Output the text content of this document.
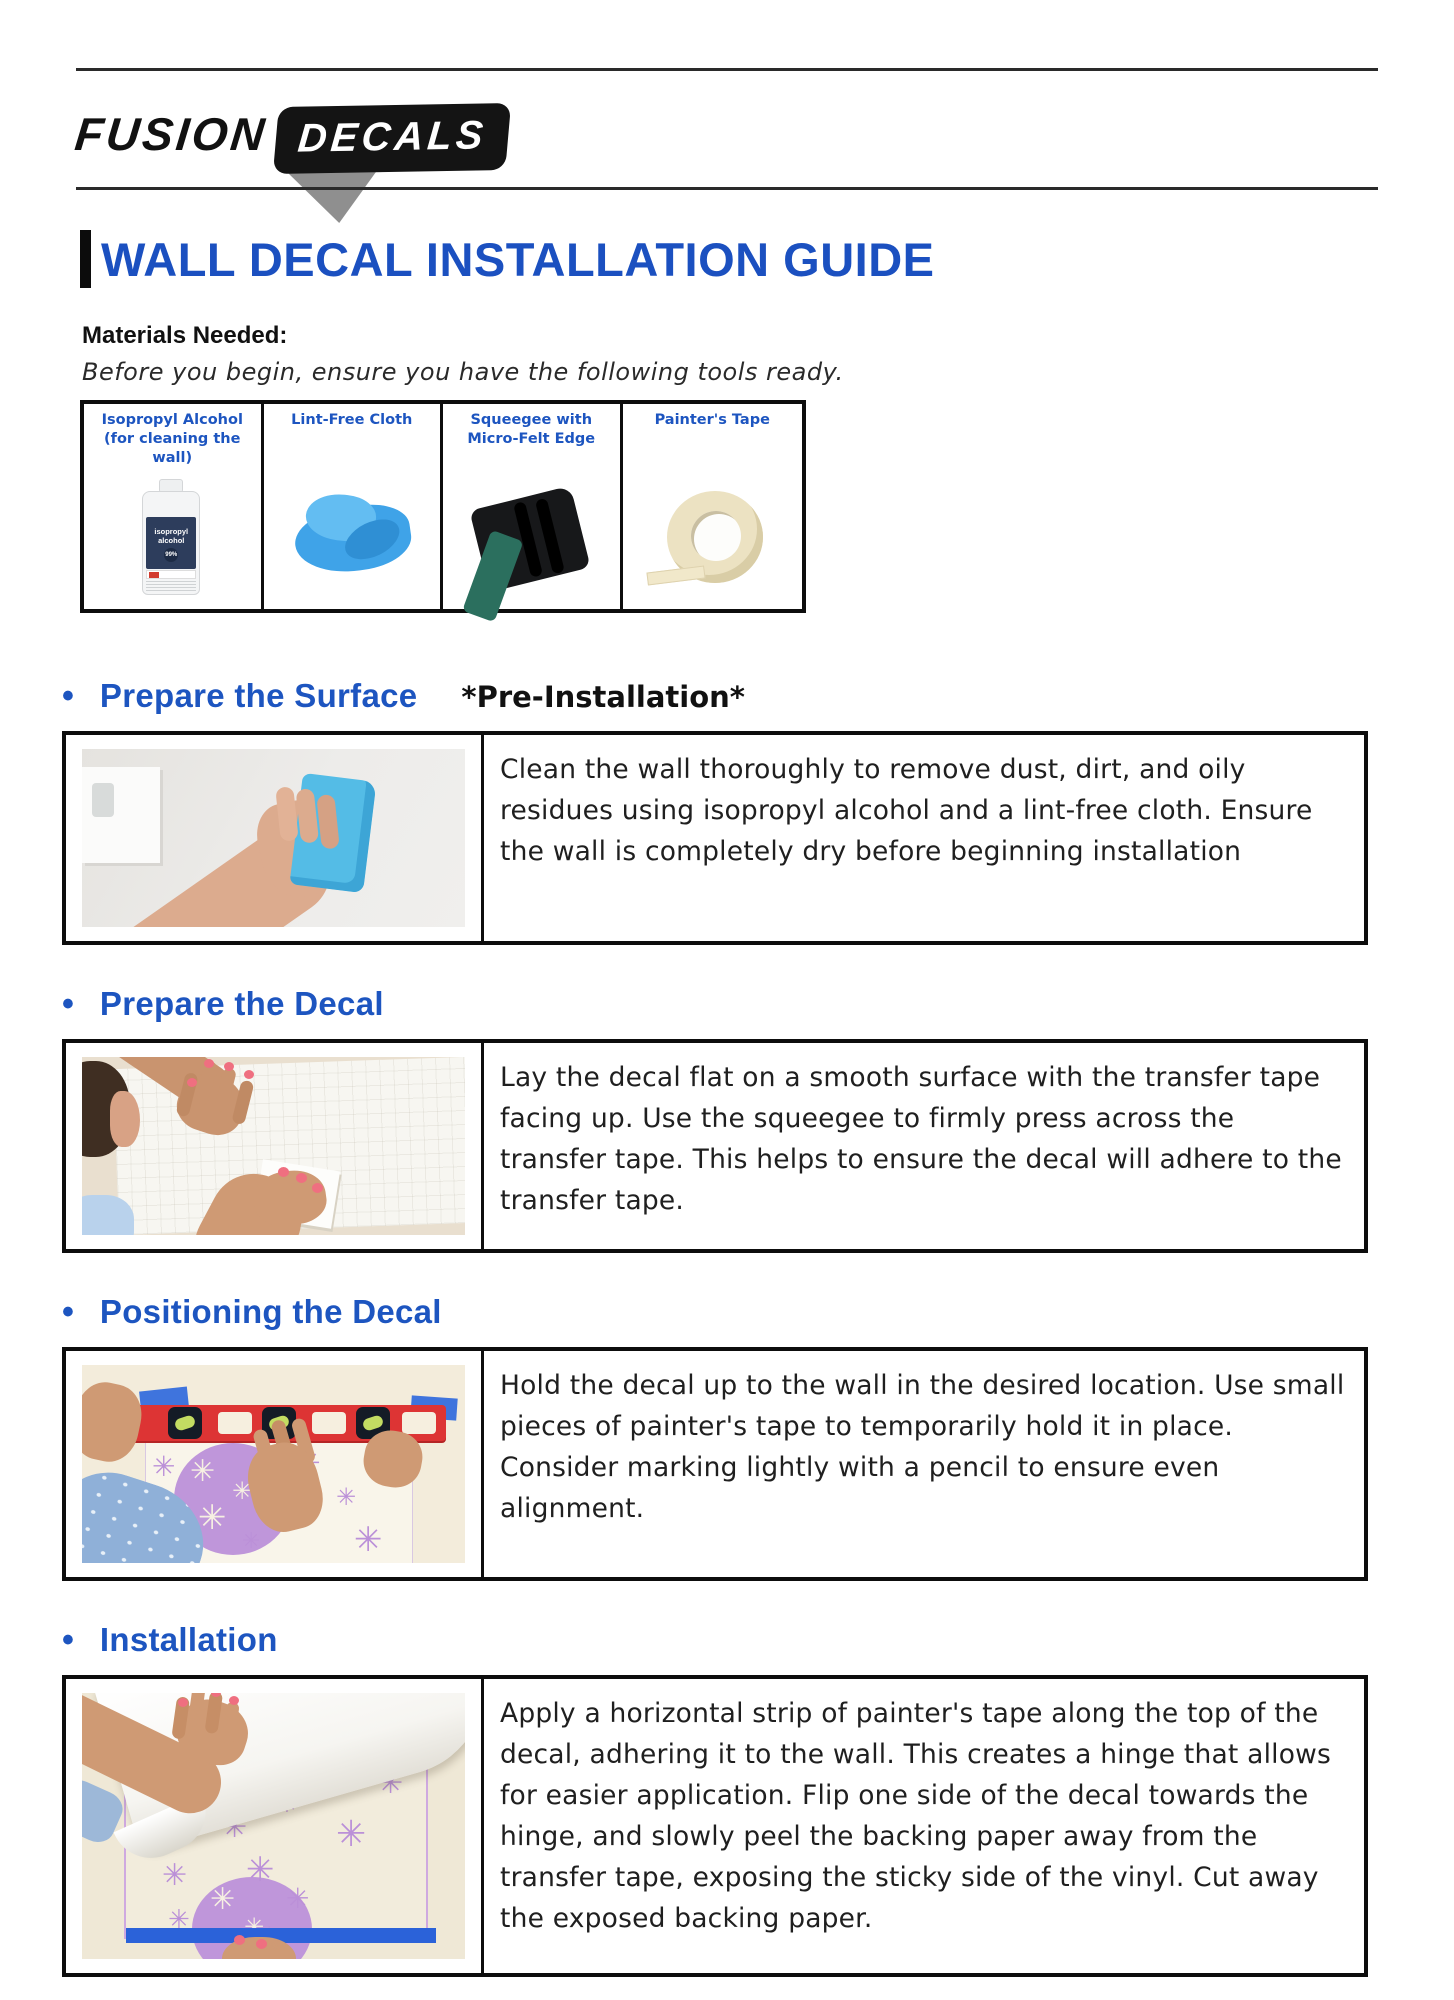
FUSION DECALS
WALL DECAL INSTALLATION GUIDE
Materials Needed:
Before you begin, ensure you have the following tools ready.
Isopropyl Alcohol (for cleaning the wall)
isopropyl alcohol
99%
Lint-Free Cloth	Squeegee with Micro-Felt Edge
Painter's Tape
• Prepare the Surface *Pre-Installation*

Clean the wall thoroughly to remove dust, dirt, and oily residues using isopropyl alcohol and a lint-free cloth. Ensure the wall is completely dry before beginning installation

• Prepare the Decal

Lay the decal flat on a smooth surface with the transfer tape facing up. Use the squeegee to firmly press across the transfer tape. This helps to ensure the decal will adhere to the transfer tape.

• Positioning the Decal
✳
✳
✳
✳
✳
✳
✳
✳
✳
✳

Hold the decal up to the wall in the desired location. Use small pieces of painter's tape to temporarily hold it in place. Consider marking lightly with a pencil to ensure even alignment.

• Installation
✳
✳
✳
✳
✳
✳
✳
✳
✳
✳
✳

Apply a horizontal strip of painter's tape along the top of the decal, adhering it to the wall. This creates a hinge that allows for easier application. Flip one side of the decal towards the hinge, and slowly peel the backing paper away from the transfer tape, exposing the sticky side of the vinyl. Cut away the exposed backing paper.
